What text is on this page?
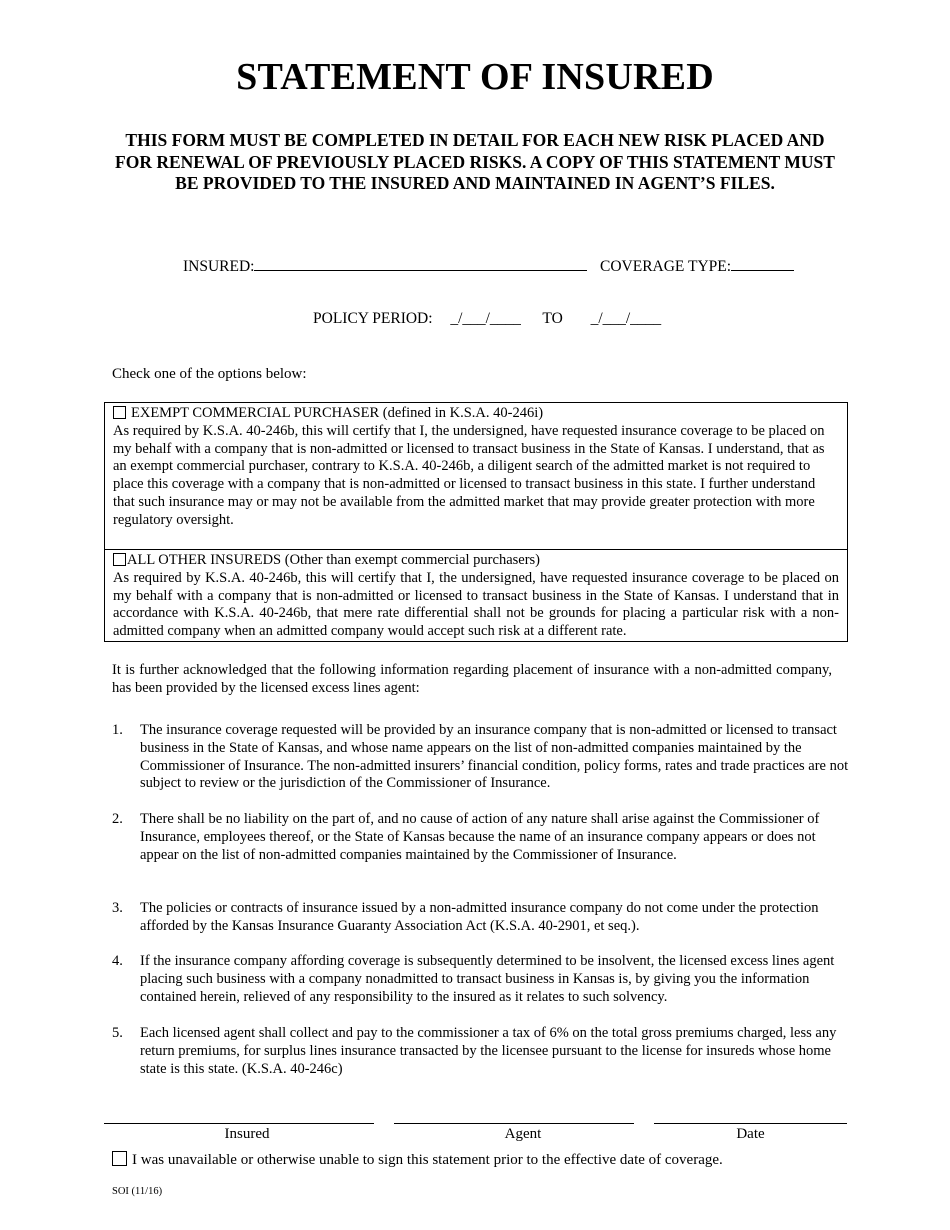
STATEMENT OF INSURED
THIS FORM MUST BE COMPLETED IN DETAIL FOR EACH NEW RISK PLACED AND FOR RENEWAL OF PREVIOUSLY PLACED RISKS. A COPY OF THIS STATEMENT MUST BE PROVIDED TO THE INSURED AND MAINTAINED IN AGENT’S FILES.
INSURED:	COVERAGE TYPE:
POLICY PERIOD: _/___/____ TO _/___/____
Check one of the options below:
EXEMPT COMMERCIAL PURCHASER (defined in K.S.A. 40-246i)
As required by K.S.A. 40-246b, this will certify that I, the undersigned, have requested insurance coverage to be placed on my behalf with a company that is non-admitted or licensed to transact business in the State of Kansas. I understand, that as an exempt commercial purchaser, contrary to K.S.A. 40-246b, a diligent search of the admitted market is not required to place this coverage with a company that is non-admitted or licensed to transact business in this state. I further understand that such insurance may or may not be available from the admitted market that may provide greater protection with more regulatory oversight.
ALL OTHER INSUREDS (Other than exempt commercial purchasers)
As required by K.S.A. 40-246b, this will certify that I, the undersigned, have requested insurance coverage to be placed on my behalf with a company that is non-admitted or licensed to transact business in the State of Kansas. I understand that in accordance with K.S.A. 40-246b, that mere rate differential shall not be grounds for placing a particular risk with a non-admitted company when an admitted company would accept such risk at a different rate.
It is further acknowledged that the following information regarding placement of insurance with a non-admitted company, has been provided by the licensed excess lines agent:
1. The insurance coverage requested will be provided by an insurance company that is non-admitted or licensed to transact business in the State of Kansas, and whose name appears on the list of non-admitted companies maintained by the Commissioner of Insurance. The non-admitted insurers’ financial condition, policy forms, rates and trade practices are not subject to review or the jurisdiction of the Commissioner of Insurance.
2. There shall be no liability on the part of, and no cause of action of any nature shall arise against the Commissioner of Insurance, employees thereof, or the State of Kansas because the name of an insurance company appears or does not appear on the list of non-admitted companies maintained by the Commissioner of Insurance.
3. The policies or contracts of insurance issued by a non-admitted insurance company do not come under the protection afforded by the Kansas Insurance Guaranty Association Act (K.S.A. 40-2901, et seq.).
4. If the insurance company affording coverage is subsequently determined to be insolvent, the licensed excess lines agent placing such business with a company nonadmitted to transact business in Kansas is, by giving you the information contained herein, relieved of any responsibility to the insured as it relates to such solvency.
5. Each licensed agent shall collect and pay to the commissioner a tax of 6% on the total gross premiums charged, less any return premiums, for surplus lines insurance transacted by the licensee pursuant to the license for insureds whose home state is this state. (K.S.A. 40-246c)
Insured	Agent	Date
I was unavailable or otherwise unable to sign this statement prior to the effective date of coverage.
SOI (11/16)
